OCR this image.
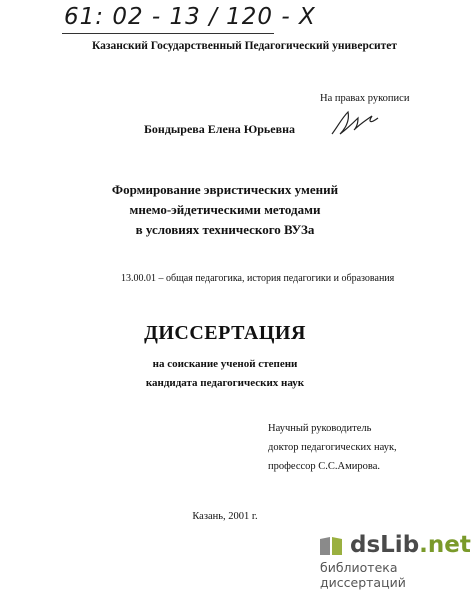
61: 02 - 13 / 120 - X
Казанский Государственный Педагогический университет
На правах рукописи
Бондырева Елена Юрьевна
Формирование эвристических умений
мнемо-эйдетическими методами
в условиях технического ВУЗа
13.00.01 – общая педагогика, история педагогики и образования
ДИССЕРТАЦИЯ
на соискание ученой степени
кандидата педагогических наук
Научный руководитель
доктор педагогических наук,
профессор С.С.Амирова.
Казань, 2001 г.
dsLib.net
библиотека диссертаций
